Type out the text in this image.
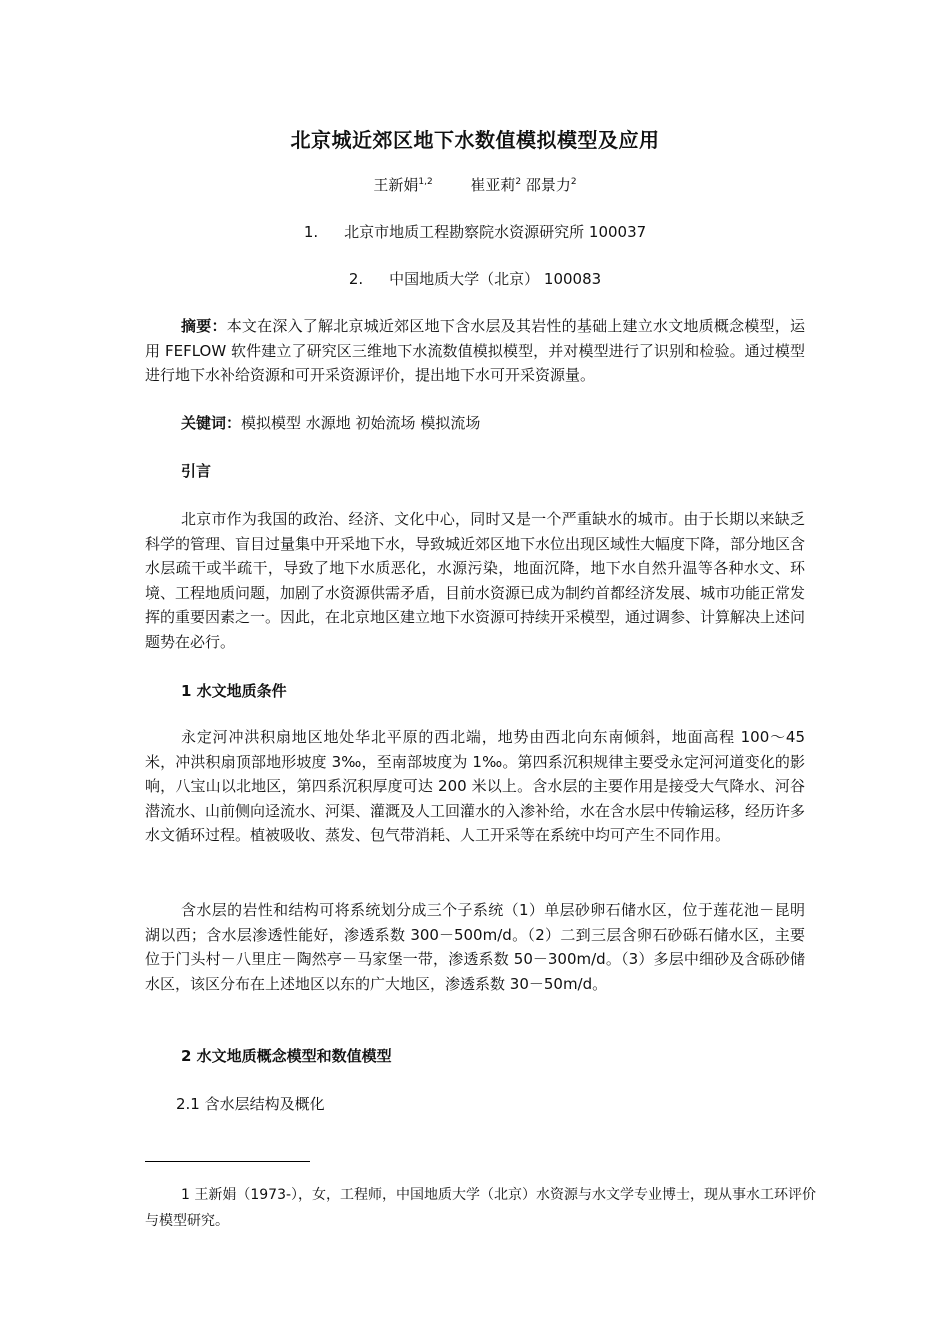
北京城近郊区地下水数值模拟模型及应用
王新娟$^{1,2}$	崔亚莉$^2$ 邵景力$^2$
1. 北京市地质工程勘察院水资源研究所 100037
2. 中国地质大学（北京） 100083
摘要：本文在深入了解北京城近郊区地下含水层及其岩性的基础上建立水文地质概念模型，运用 FEFLOW 软件建立了研究区三维地下水流数值模拟模型，并对模型进行了识别和检验。通过模型进行地下水补给资源和可开采资源评价，提出地下水可开采资源量。
关键词：模拟模型 水源地 初始流场 模拟流场
引言
北京市作为我国的政治、经济、文化中心，同时又是一个严重缺水的城市。由于长期以来缺乏科学的管理、盲目过量集中开采地下水，导致城近郊区地下水位出现区域性大幅度下降，部分地区含水层疏干或半疏干，导致了地下水质恶化，水源污染，地面沉降，地下水自然升温等各种水文、环境、工程地质问题，加剧了水资源供需矛盾，目前水资源已成为制约首都经济发展、城市功能正常发挥的重要因素之一。因此，在北京地区建立地下水资源可持续开采模型，通过调参、计算解决上述问题势在必行。
1 水文地质条件
永定河冲洪积扇地区地处华北平原的西北端，地势由西北向东南倾斜，地面高程 100～45 米，冲洪积扇顶部地形坡度 3‰，至南部坡度为 1‰。第四系沉积规律主要受永定河河道变化的影响，八宝山以北地区，第四系沉积厚度可达 200 米以上。含水层的主要作用是接受大气降水、河谷潜流水、山前侧向迳流水、河渠、灌溉及人工回灌水的入渗补给，水在含水层中传输运移，经历许多水文循环过程。植被吸收、蒸发、包气带消耗、人工开采等在系统中均可产生不同作用。
含水层的岩性和结构可将系统划分成三个子系统（1）单层砂卵石储水区，位于莲花池－昆明湖以西；含水层渗透性能好，渗透系数 300－500m/d。（2）二到三层含卵石砂砾石储水区，主要位于门头村－八里庄－陶然亭－马家堡一带，渗透系数 50－300m/d。（3）多层中细砂及含砾砂储水区，该区分布在上述地区以东的广大地区，渗透系数 30－50m/d。
2 水文地质概念模型和数值模型
2.1 含水层结构及概化
1 王新娟（1973-），女，工程师，中国地质大学（北京）水资源与水文学专业博士，现从事水工环评价与模型研究。
